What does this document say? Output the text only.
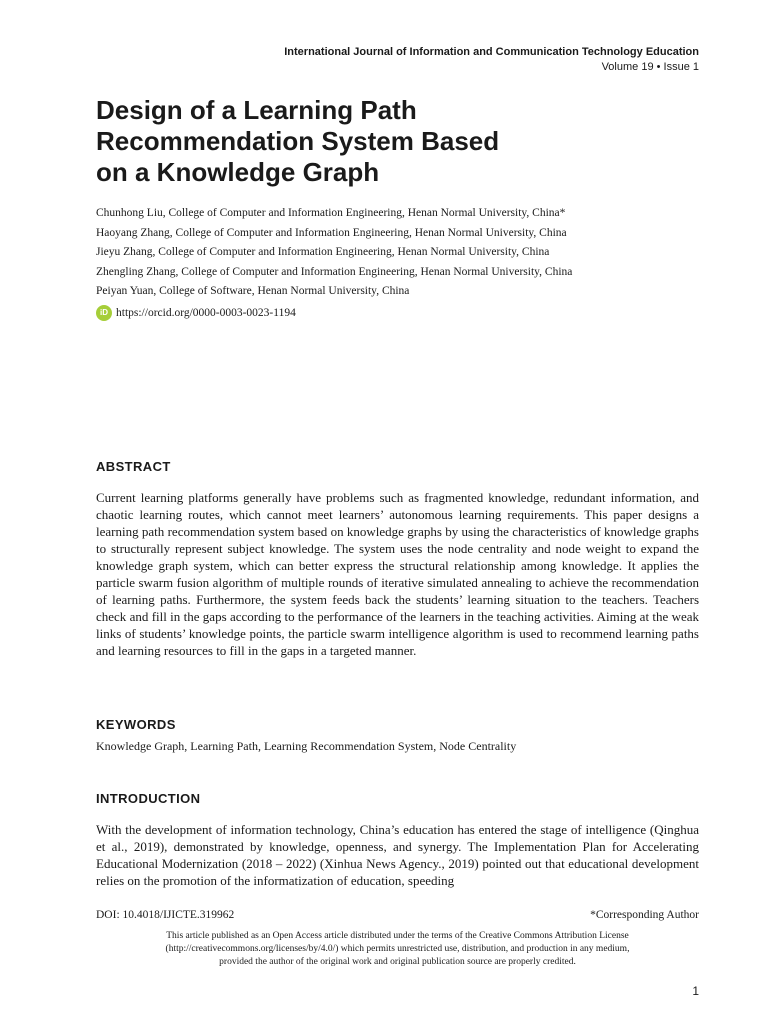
International Journal of Information and Communication Technology Education
Volume 19 • Issue 1
Design of a Learning Path
Recommendation System Based
on a Knowledge Graph
Chunhong Liu, College of Computer and Information Engineering, Henan Normal University, China*
Haoyang Zhang, College of Computer and Information Engineering, Henan Normal University, China
Jieyu Zhang, College of Computer and Information Engineering, Henan Normal University, China
Zhengling Zhang, College of Computer and Information Engineering, Henan Normal University, China
Peiyan Yuan, College of Software, Henan Normal University, China
iD https://orcid.org/0000-0003-0023-1194
ABSTRACT

Current learning platforms generally have problems such as fragmented knowledge, redundant information, and chaotic learning routes, which cannot meet learners’ autonomous learning requirements. This paper designs a learning path recommendation system based on knowledge graphs by using the characteristics of knowledge graphs to structurally represent subject knowledge. The system uses the node centrality and node weight to expand the knowledge graph system, which can better express the structural relationship among knowledge. It applies the particle swarm fusion algorithm of multiple rounds of iterative simulated annealing to achieve the recommendation of learning paths. Furthermore, the system feeds back the students’ learning situation to the teachers. Teachers check and fill in the gaps according to the performance of the learners in the teaching activities. Aiming at the weak links of students’ knowledge points, the particle swarm intelligence algorithm is used to recommend learning paths and learning resources to fill in the gaps in a targeted manner.

KEYWORDS
Knowledge Graph, Learning Path, Learning Recommendation System, Node Centrality
INTRODUCTION

With the development of information technology, China’s education has entered the stage of intelligence (Qinghua et al., 2019), demonstrated by knowledge, openness, and synergy. The Implementation Plan for Accelerating Educational Modernization (2018 – 2022) (Xinhua News Agency., 2019) pointed out that educational development relies on the promotion of the informatization of education, speeding

DOI: 10.4018/IJICTE.319962	*Corresponding Author
This article published as an Open Access article distributed under the terms of the Creative Commons Attribution License
(http://creativecommons.org/licenses/by/4.0/) which permits unrestricted use, distribution, and production in any medium,
provided the author of the original work and original publication source are properly credited.
1
